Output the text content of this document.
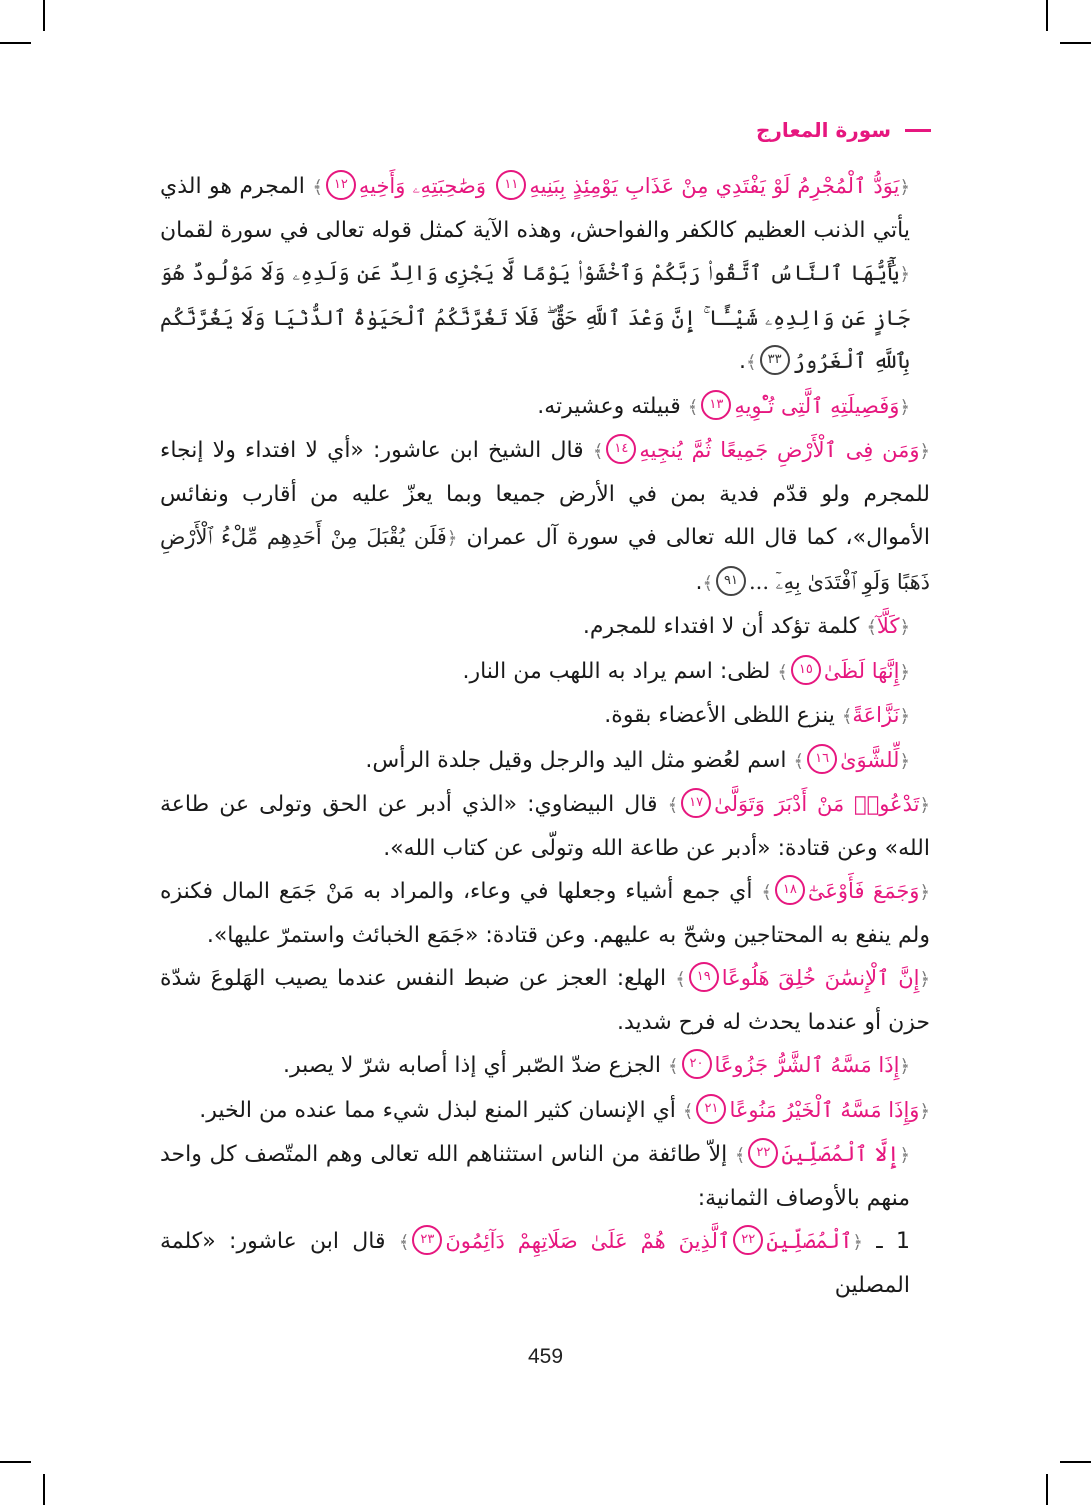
سورة المعارج

﴿يَوَدُّ ٱلْمُجْرِمُ لَوْ يَفْتَدِي مِنْ عَذَابِ يَوْمِئِذٍ بِبَنِيهِ١١ وَصَٰحِبَتِهِۦ وَأَخِيهِ١٢﴾ المجرم هو الذي يأتي الذنب العظيم كالكفر والفواحش، وهذه الآية كمثل قوله تعالى في سورة لقمان ﴿يَٰٓأَيُّهَا ٱلنَّاسُ ٱتَّقُوا۟ رَبَّكُمْ وَٱخْشَوْا۟ يَوْمًا لَّا يَجْزِى وَالِدٌ عَن وَلَدِهِۦ وَلَا مَوْلُودٌ هُوَ جَازٍ عَن وَالِدِهِۦ شَيْـًٔا ۚ إِنَّ وَعْدَ ٱللَّهِ حَقٌّ ۖ فَلَا تَغُرَّنَّكُمُ ٱلْحَيَوٰةُ ٱلدُّنْيَا وَلَا يَغُرَّنَّكُم بِٱللَّهِ ٱلْغَرُورُ٣٣﴾.

﴿وَفَصِيلَتِهِ ٱلَّتِى تُـْٔوِيهِ١٣﴾ قبيلته وعشيرته.

﴿وَمَن فِى ٱلْأَرْضِ جَمِيعًا ثُمَّ يُنجِيهِ١٤﴾ قال الشيخ ابن عاشور: «أي لا افتداء ولا إنجاء للمجرم ولو قدّم فدية بمن في الأرض جميعا وبما يعزّ عليه من أقارب ونفائس الأموال»، كما قال الله تعالى في سورة آل عمران ﴿فَلَن يُقْبَلَ مِنْ أَحَدِهِم مِّلْءُ ٱلْأَرْضِ ذَهَبًا وَلَوِ ٱفْتَدَىٰ بِهِۦٓ ...٩١﴾.

﴿كَلَّآ﴾ كلمة تؤكد أن لا افتداء للمجرم.

﴿إِنَّهَا لَظَىٰ١٥﴾ لظى: اسم يراد به اللهب من النار.

﴿نَزَّاعَةً﴾ ينزع اللظى الأعضاء بقوة.

﴿لِّلشَّوَىٰ١٦﴾ اسم لعُضو مثل اليد والرجل وقيل جلدة الرأس.

﴿تَدْعُوا۟ مَنْ أَدْبَرَ وَتَوَلَّىٰ١٧﴾ قال البيضاوي: «الذي أدبر عن الحق وتولى عن طاعة الله» وعن قتادة: «أدبر عن طاعة الله وتولّى عن كتاب الله».

﴿وَجَمَعَ فَأَوْعَىٰٓ١٨﴾ أي جمع أشياء وجعلها في وعاء، والمراد به مَنْ جَمَع المال فكنزه ولم ينفع به المحتاجين وشحّ به عليهم. وعن قتادة: «جَمَع الخبائث واستمرّ عليها».

﴿إِنَّ ٱلْإِنسَٰنَ خُلِقَ هَلُوعًا١٩﴾ الهلع: العجز عن ضبط النفس عندما يصيب الهَلوعَ شدّة حزن أو عندما يحدث له فرح شديد.

﴿إِذَا مَسَّهُ ٱلشَّرُّ جَزُوعًا٢٠﴾ الجزع ضدّ الصّبر أي إذا أصابه شرّ لا يصبر.

﴿وَإِذَا مَسَّهُ ٱلْخَيْرُ مَنُوعًا٢١﴾ أي الإنسان كثير المنع لبذل شيء مما عنده من الخير.

﴿إِلَّا ٱلْمُصَلِّينَ٢٢﴾ إلاّ طائفة من الناس استثناهم الله تعالى وهم المتّصف كل واحد منهم بالأوصاف الثمانية:

1 ـ ﴿ٱلْمُصَلِّينَ٢٢ٱلَّذِينَ هُمْ عَلَىٰ صَلَاتِهِمْ دَآئِمُونَ٢٣﴾ قال ابن عاشور: «كلمة المصلين

459
